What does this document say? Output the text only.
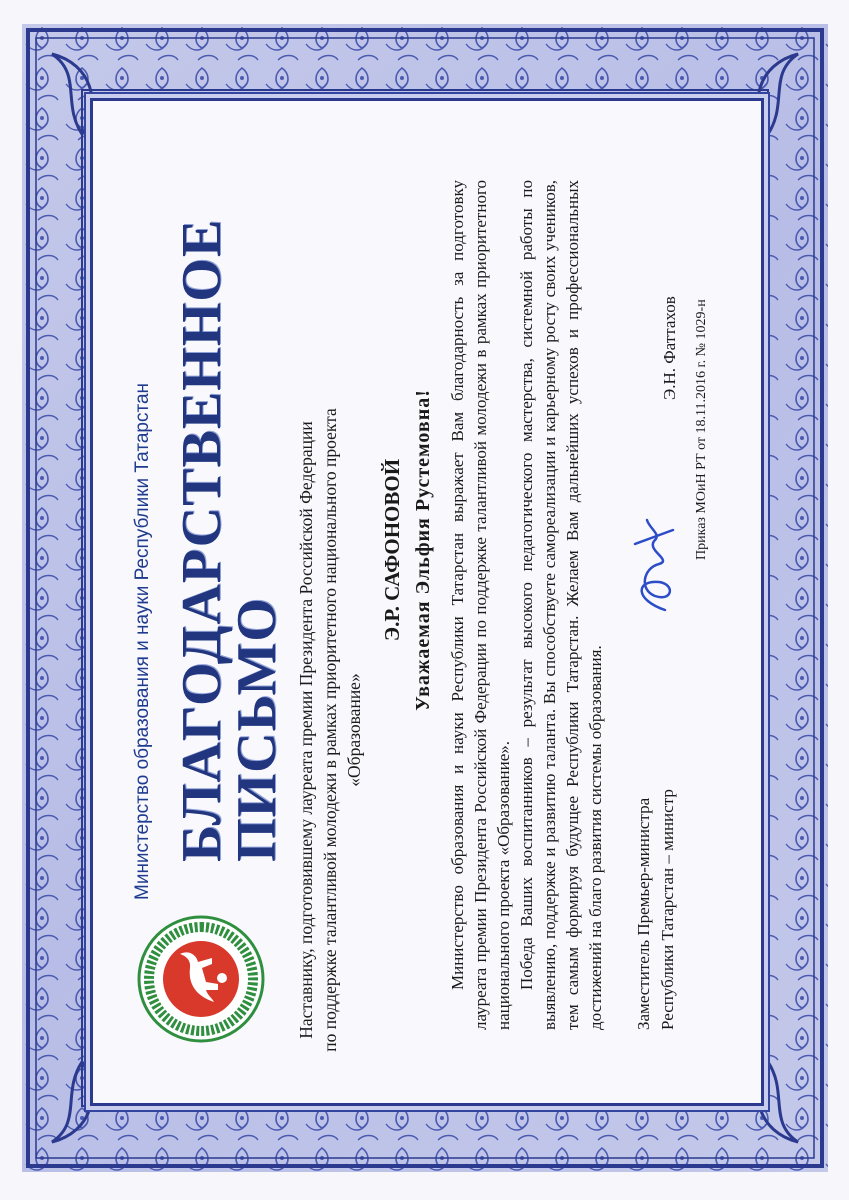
Министерство образования и науки Республики Татарстан БЛАГОДАРСТВЕННОЕ
ПИСЬМО Наставнику, подготовившему лауреата премии Президента Российской Федерации по поддержке талантливой молодежи в рамках приоритетного национального проекта «Образование»
Э.Р. САФОНОВОЙ Уважаемая Эльфия Рустемовна! Министерство образования и науки Республики Татарстан выражает Вам благодарность за подготовку лауреата премии Президента Российской Федерации по поддержке талантливой молодежи в рамках приоритетного национального проекта «Образование». Победа Ваших воспитанников – результат высокого педагогического мастерства, системной работы по выявлению, поддержке и развитию таланта. Вы способствуете самореализации и карьерному росту своих учеников, тем самым формируя будущее Республики Татарстан. Желаем Вам дальнейших успехов и профессиональных достижений на благо развития системы образования. Заместитель Премьер-министра Республики Татарстан – министр
Э.Н. Фаттахов Приказ МОиН РТ от 18.11.2016 г. № 1029-н
